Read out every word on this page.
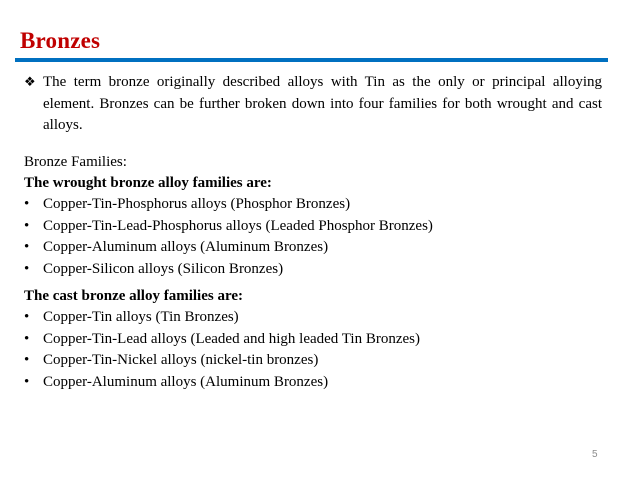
Bronzes
❖ The term bronze originally described alloys with Tin as the only or principal alloying element. Bronzes can be further broken down into four families for both wrought and cast alloys.
Bronze Families:
The wrought bronze alloy families are:
• Copper-Tin-Phosphorus alloys (Phosphor Bronzes)
• Copper-Tin-Lead-Phosphorus alloys (Leaded Phosphor Bronzes)
• Copper-Aluminum alloys (Aluminum Bronzes)
• Copper-Silicon alloys (Silicon Bronzes)
The cast bronze alloy families are:
• Copper-Tin alloys (Tin Bronzes)
• Copper-Tin-Lead alloys (Leaded and high leaded Tin Bronzes)
• Copper-Tin-Nickel alloys (nickel-tin bronzes)
• Copper-Aluminum alloys (Aluminum Bronzes)
5
